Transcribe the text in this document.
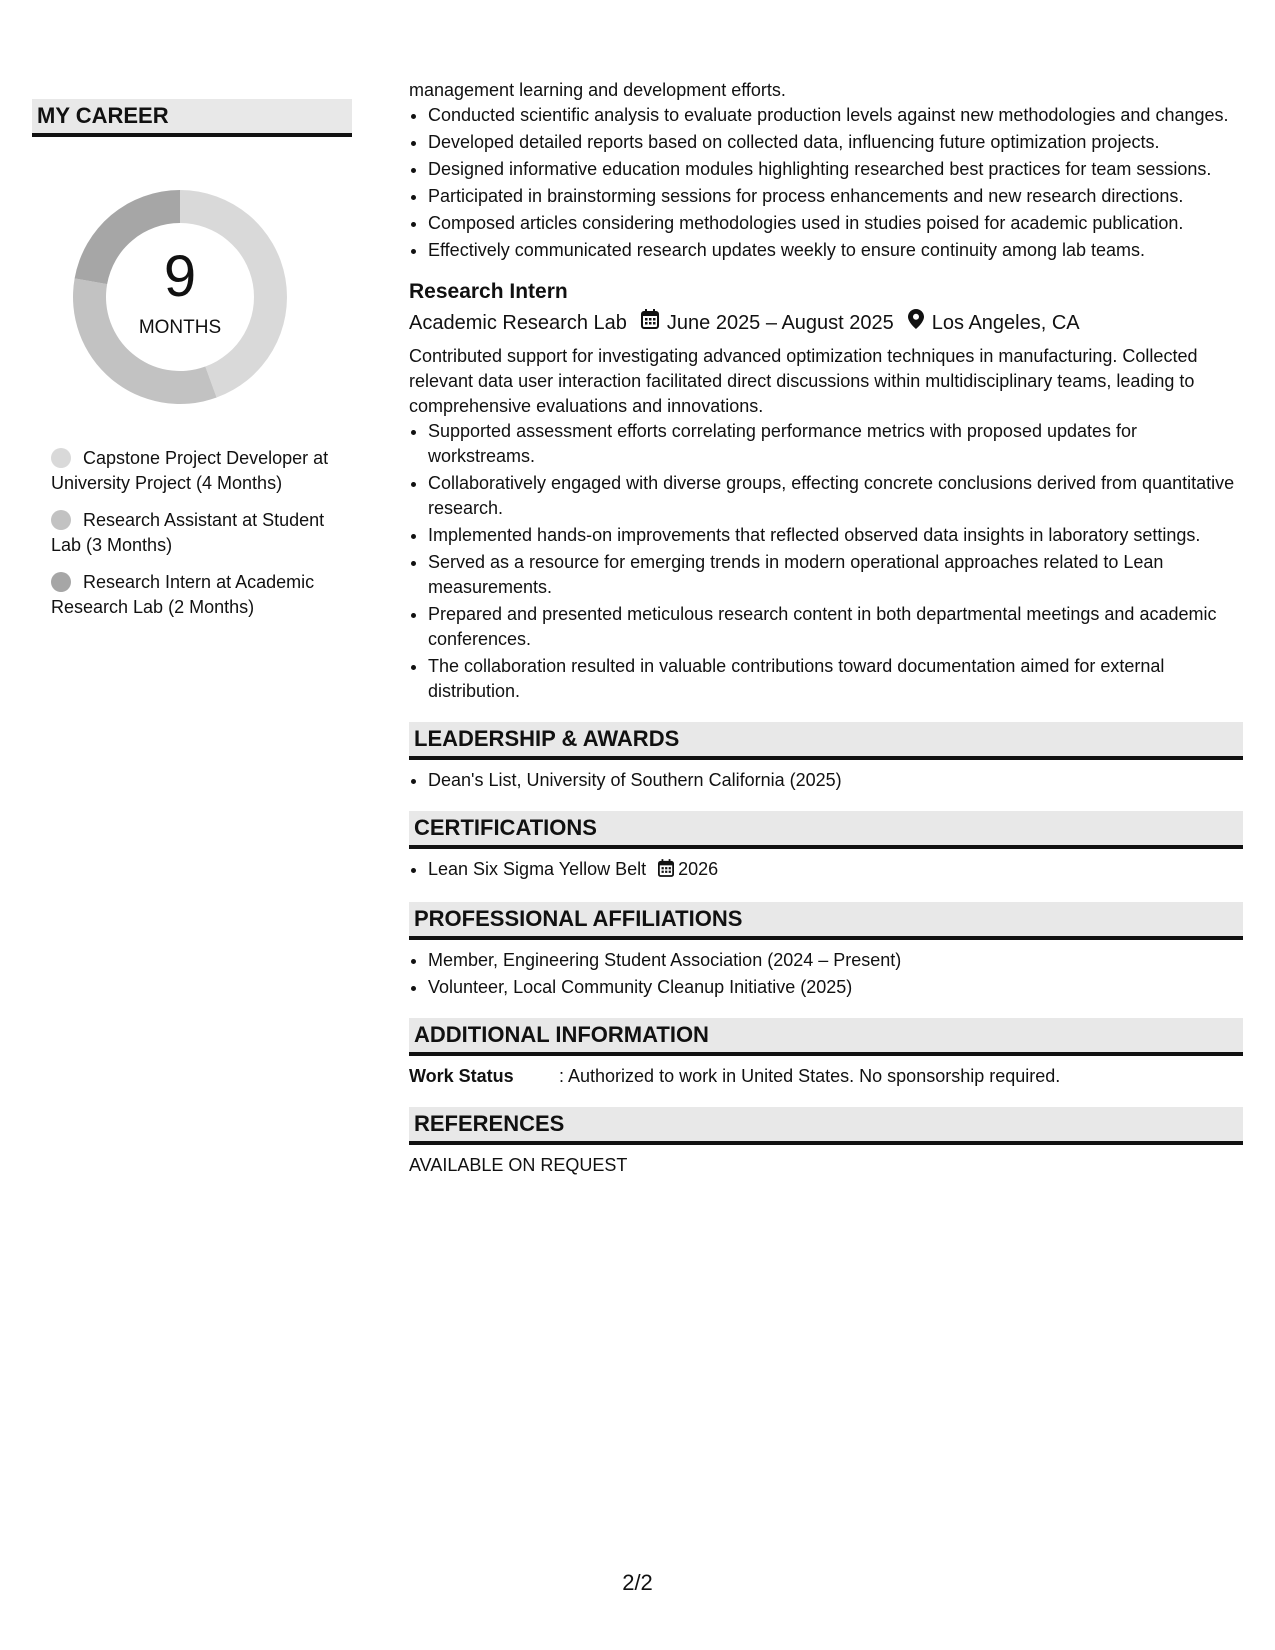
MY CAREER
9
MONTHS
Capstone Project Developer at University Project (4 Months)
Research Assistant at Student Lab (3 Months)
Research Intern at Academic Research Lab (2 Months)

management learning and development efforts.

• Conducted scientific analysis to evaluate production levels against new methodologies and changes.
• Developed detailed reports based on collected data, influencing future optimization projects.
• Designed informative education modules highlighting researched best practices for team sessions.
• Participated in brainstorming sessions for process enhancements and new research directions.
• Composed articles considering methodologies used in studies poised for academic publication.
• Effectively communicated research updates weekly to ensure continuity among lab teams.
Research Intern
Academic Research Lab June 2025 – August 2025 Los Angeles, CA

Contributed support for investigating advanced optimization techniques in manufacturing. Collected relevant data user interaction facilitated direct discussions within multidisciplinary teams, leading to comprehensive evaluations and innovations.

• Supported assessment efforts correlating performance metrics with proposed updates for workstreams.
• Collaboratively engaged with diverse groups, effecting concrete conclusions derived from quantitative research.
• Implemented hands-on improvements that reflected observed data insights in laboratory settings.
• Served as a resource for emerging trends in modern operational approaches related to Lean measurements.
• Prepared and presented meticulous research content in both departmental meetings and academic conferences.
• The collaboration resulted in valuable contributions toward documentation aimed for external distribution.
LEADERSHIP & AWARDS
• Dean's List, University of Southern California (2025)
CERTIFICATIONS
• Lean Six Sigma Yellow Belt 2026
PROFESSIONAL AFFILIATIONS
• Member, Engineering Student Association (2024 – Present)
• Volunteer, Local Community Cleanup Initiative (2025)
ADDITIONAL INFORMATION
Work Status	: Authorized to work in United States. No sponsorship required.
REFERENCES
AVAILABLE ON REQUEST
2/2
